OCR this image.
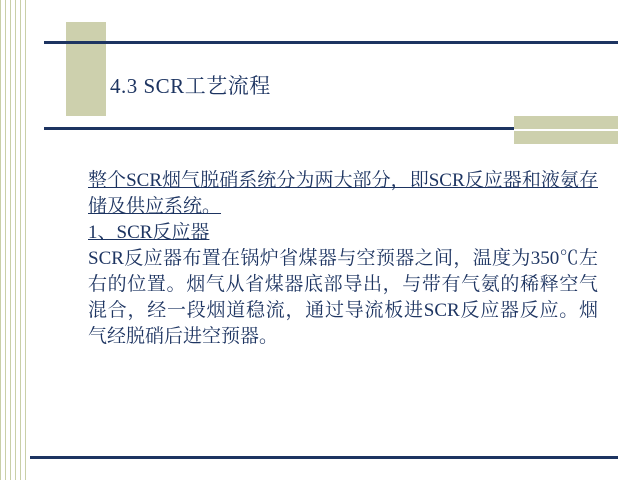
4.3 SCR工艺流程

整个SCR烟气脱硝系统分为两大部分，即SCR反应器和液氨存储及供应系统。

1、SCR反应器

SCR反应器布置在锅炉省煤器与空预器之间，温度为350℃左右的位置。烟气从省煤器底部导出，与带有气氨的稀释空气混合，经一段烟道稳流，通过导流板进SCR反应器反应。烟气经脱硝后进空预器。
